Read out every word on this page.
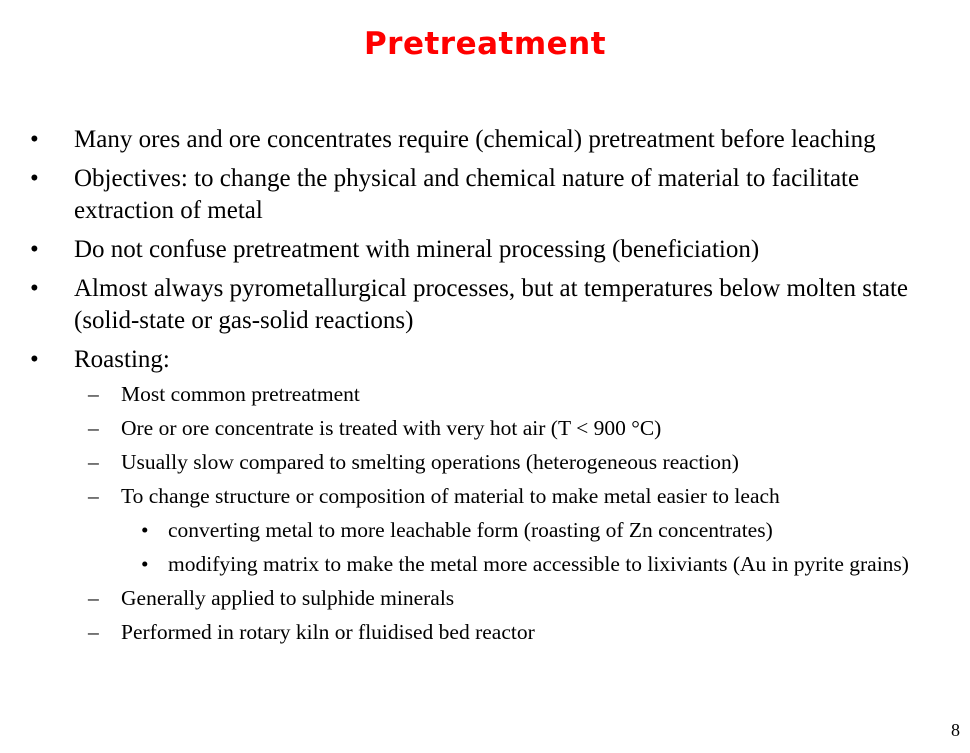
Pretreatment
• Many ores and ore concentrates require (chemical) pretreatment before leaching
• Objectives: to change the physical and chemical nature of material to facilitate extraction of metal
• Do not confuse pretreatment with mineral processing (beneficiation)
• Almost always pyrometallurgical processes, but at temperatures below molten state (solid-state or gas-solid reactions)
• Roasting:
– Most common pretreatment
– Ore or ore concentrate is treated with very hot air (T < 900 °C)
– Usually slow compared to smelting operations (heterogeneous reaction)
– To change structure or composition of material to make metal easier to leach
• converting metal to more leachable form (roasting of Zn concentrates)
• modifying matrix to make the metal more accessible to lixiviants (Au in pyrite grains)
– Generally applied to sulphide minerals
– Performed in rotary kiln or fluidised bed reactor
8
